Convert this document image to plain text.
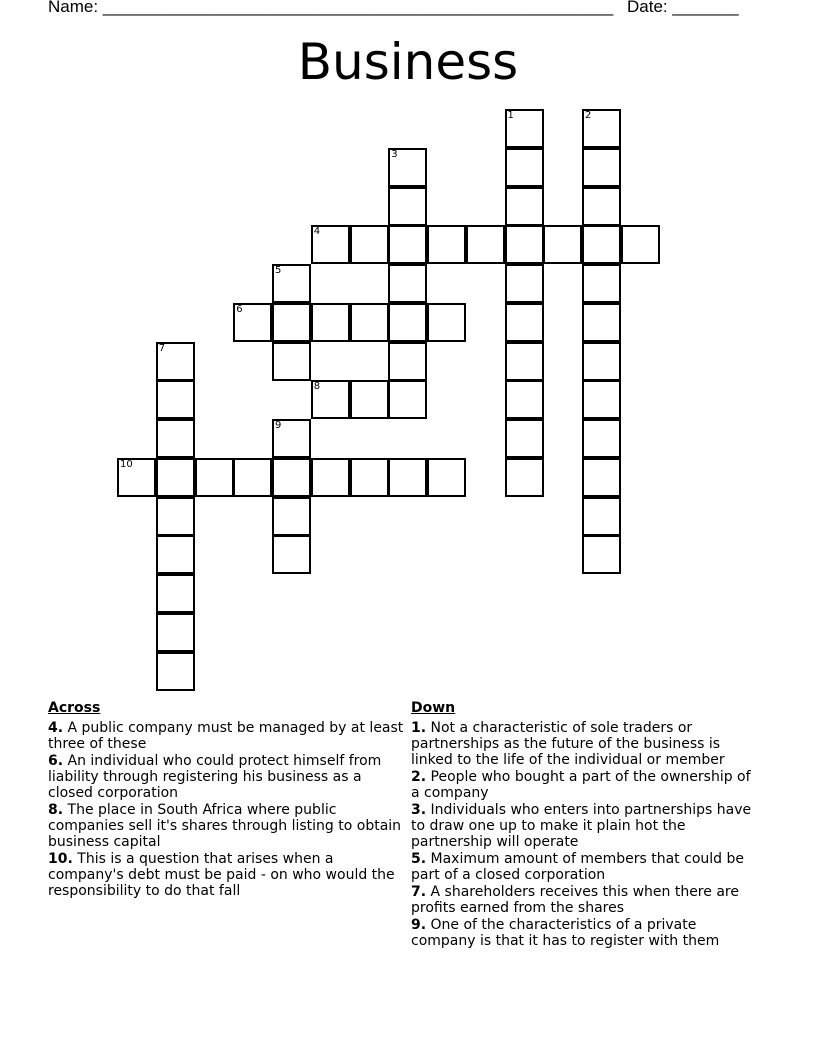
Name: ______________________________________________________ Date: _______
Business
1	2
3
4
5
6
7
8
9
10
Across
4. A public company must be managed by at least three of these
6. An individual who could protect himself from liability through registering his business as a closed corporation
8. The place in South Africa where public companies sell it's shares through listing to obtain business capital
10. This is a question that arises when a company's debt must be paid - on who would the responsibility to do that fall
Down
1. Not a characteristic of sole traders or partnerships as the future of the business is linked to the life of the individual or member
2. People who bought a part of the ownership of a company
3. Individuals who enters into partnerships have to draw one up to make it plain hot the partnership will operate
5. Maximum amount of members that could be part of a closed corporation
7. A shareholders receives this when there are profits earned from the shares
9. One of the characteristics of a private company is that it has to register with them
